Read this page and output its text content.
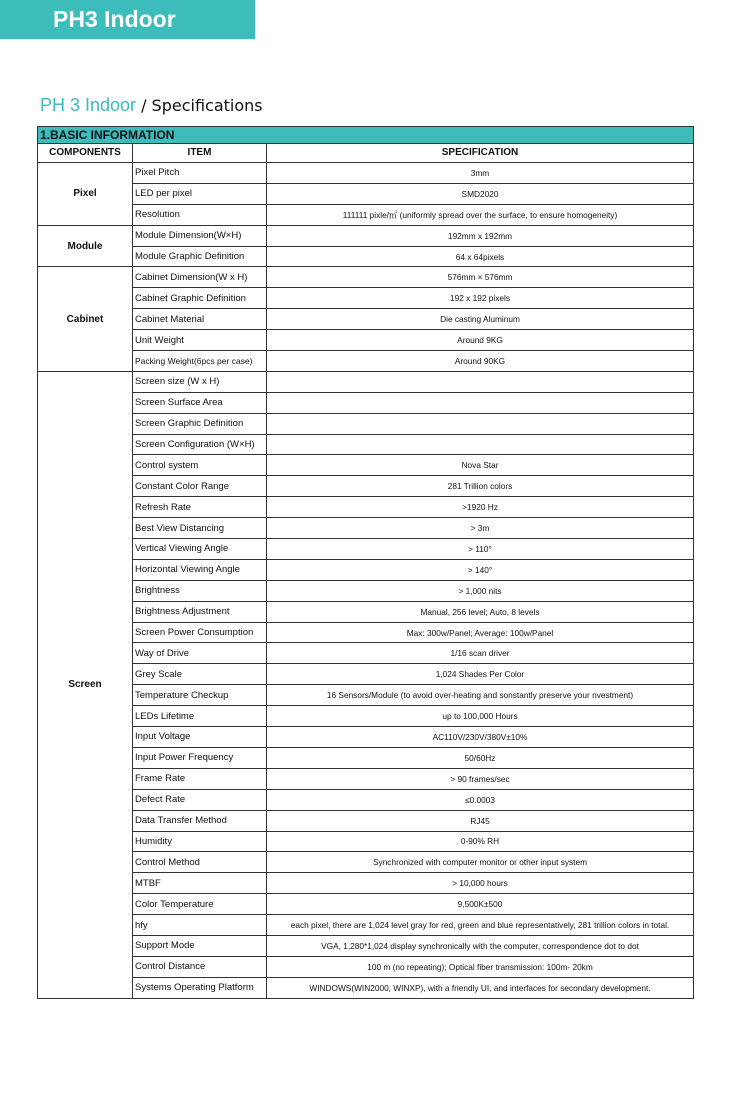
PH3 Indoor
PH 3 Indoor / Specifications
1.BASIC INFORMATION		
COMPONENTS	ITEM	SPECIFICATION
Pixel	Pixel Pitch	3mm
	LED per pixel	SMD2020
	Resolution	111111 pixle/㎡ (uniformly spread over the surface, to ensure homogeneity)
Module	Module Dimension(W×H)	192mm x 192mm
	Module Graphic Definition	64 x 64pixels
Cabinet	Cabinet Dimension(W x H)	576mm × 576mm
	Cabinet Graphic Definition	192 x 192 pixels
	Cabinet Material	Die casting Aluminum
	Unit Weight	Around 9KG
	Packing Weight(6pcs per case)	Around 90KG
Screen	Screen size (W x H)	
	Screen Surface Area	
	Screen Graphic Definition	
	Screen Configuration (W×H)	
	Control system	Nova Star
	Constant Color Range	281 Trillion colors
	Refresh Rate	>1920 Hz
	Best View Distancing	> 3m
	Vertical Viewing Angle	> 110°
	Horizontal Viewing Angle	> 140°
	Brightness	> 1,000 nits
	Brightness Adjustment	Manual, 256 level; Auto, 8 levels
	Screen Power Consumption	Max: 300w/Panel; Average: 100w/Panel
	Way of Drive	1/16 scan driver
	Grey Scale	1,024 Shades Per Color
	Temperature Checkup	16 Sensors/Module (to avoid over-heating and sonstantly preserve your nvestment)
	LEDs Lifetime	up to 100,000 Hours
	Input Voltage	AC110V/230V/380V±10%
	Input Power Frequency	50/60Hz
	Frame Rate	> 90 frames/sec
	Defect Rate	≤0.0003
	Data Transfer Method	RJ45
	Humidity	0-90% RH
	Control Method	Synchronized with computer monitor or other input system
	MTBF	> 10,000 hours
	Color Temperature	9,500K±500
	hfy	each pixel, there are 1,024 level gray for red, green and blue representatively, 281 trillion colors in total.
	Support Mode	VGA, 1,280*1,024 display synchronically with the computer, correspondence dot to dot
	Control Distance	100 m (no repeating); Optical fiber transmission: 100m- 20km
	Systems Operating Platform	WINDOWS(WIN2000, WINXP), with a friendly UI, and interfaces for secondary development.
